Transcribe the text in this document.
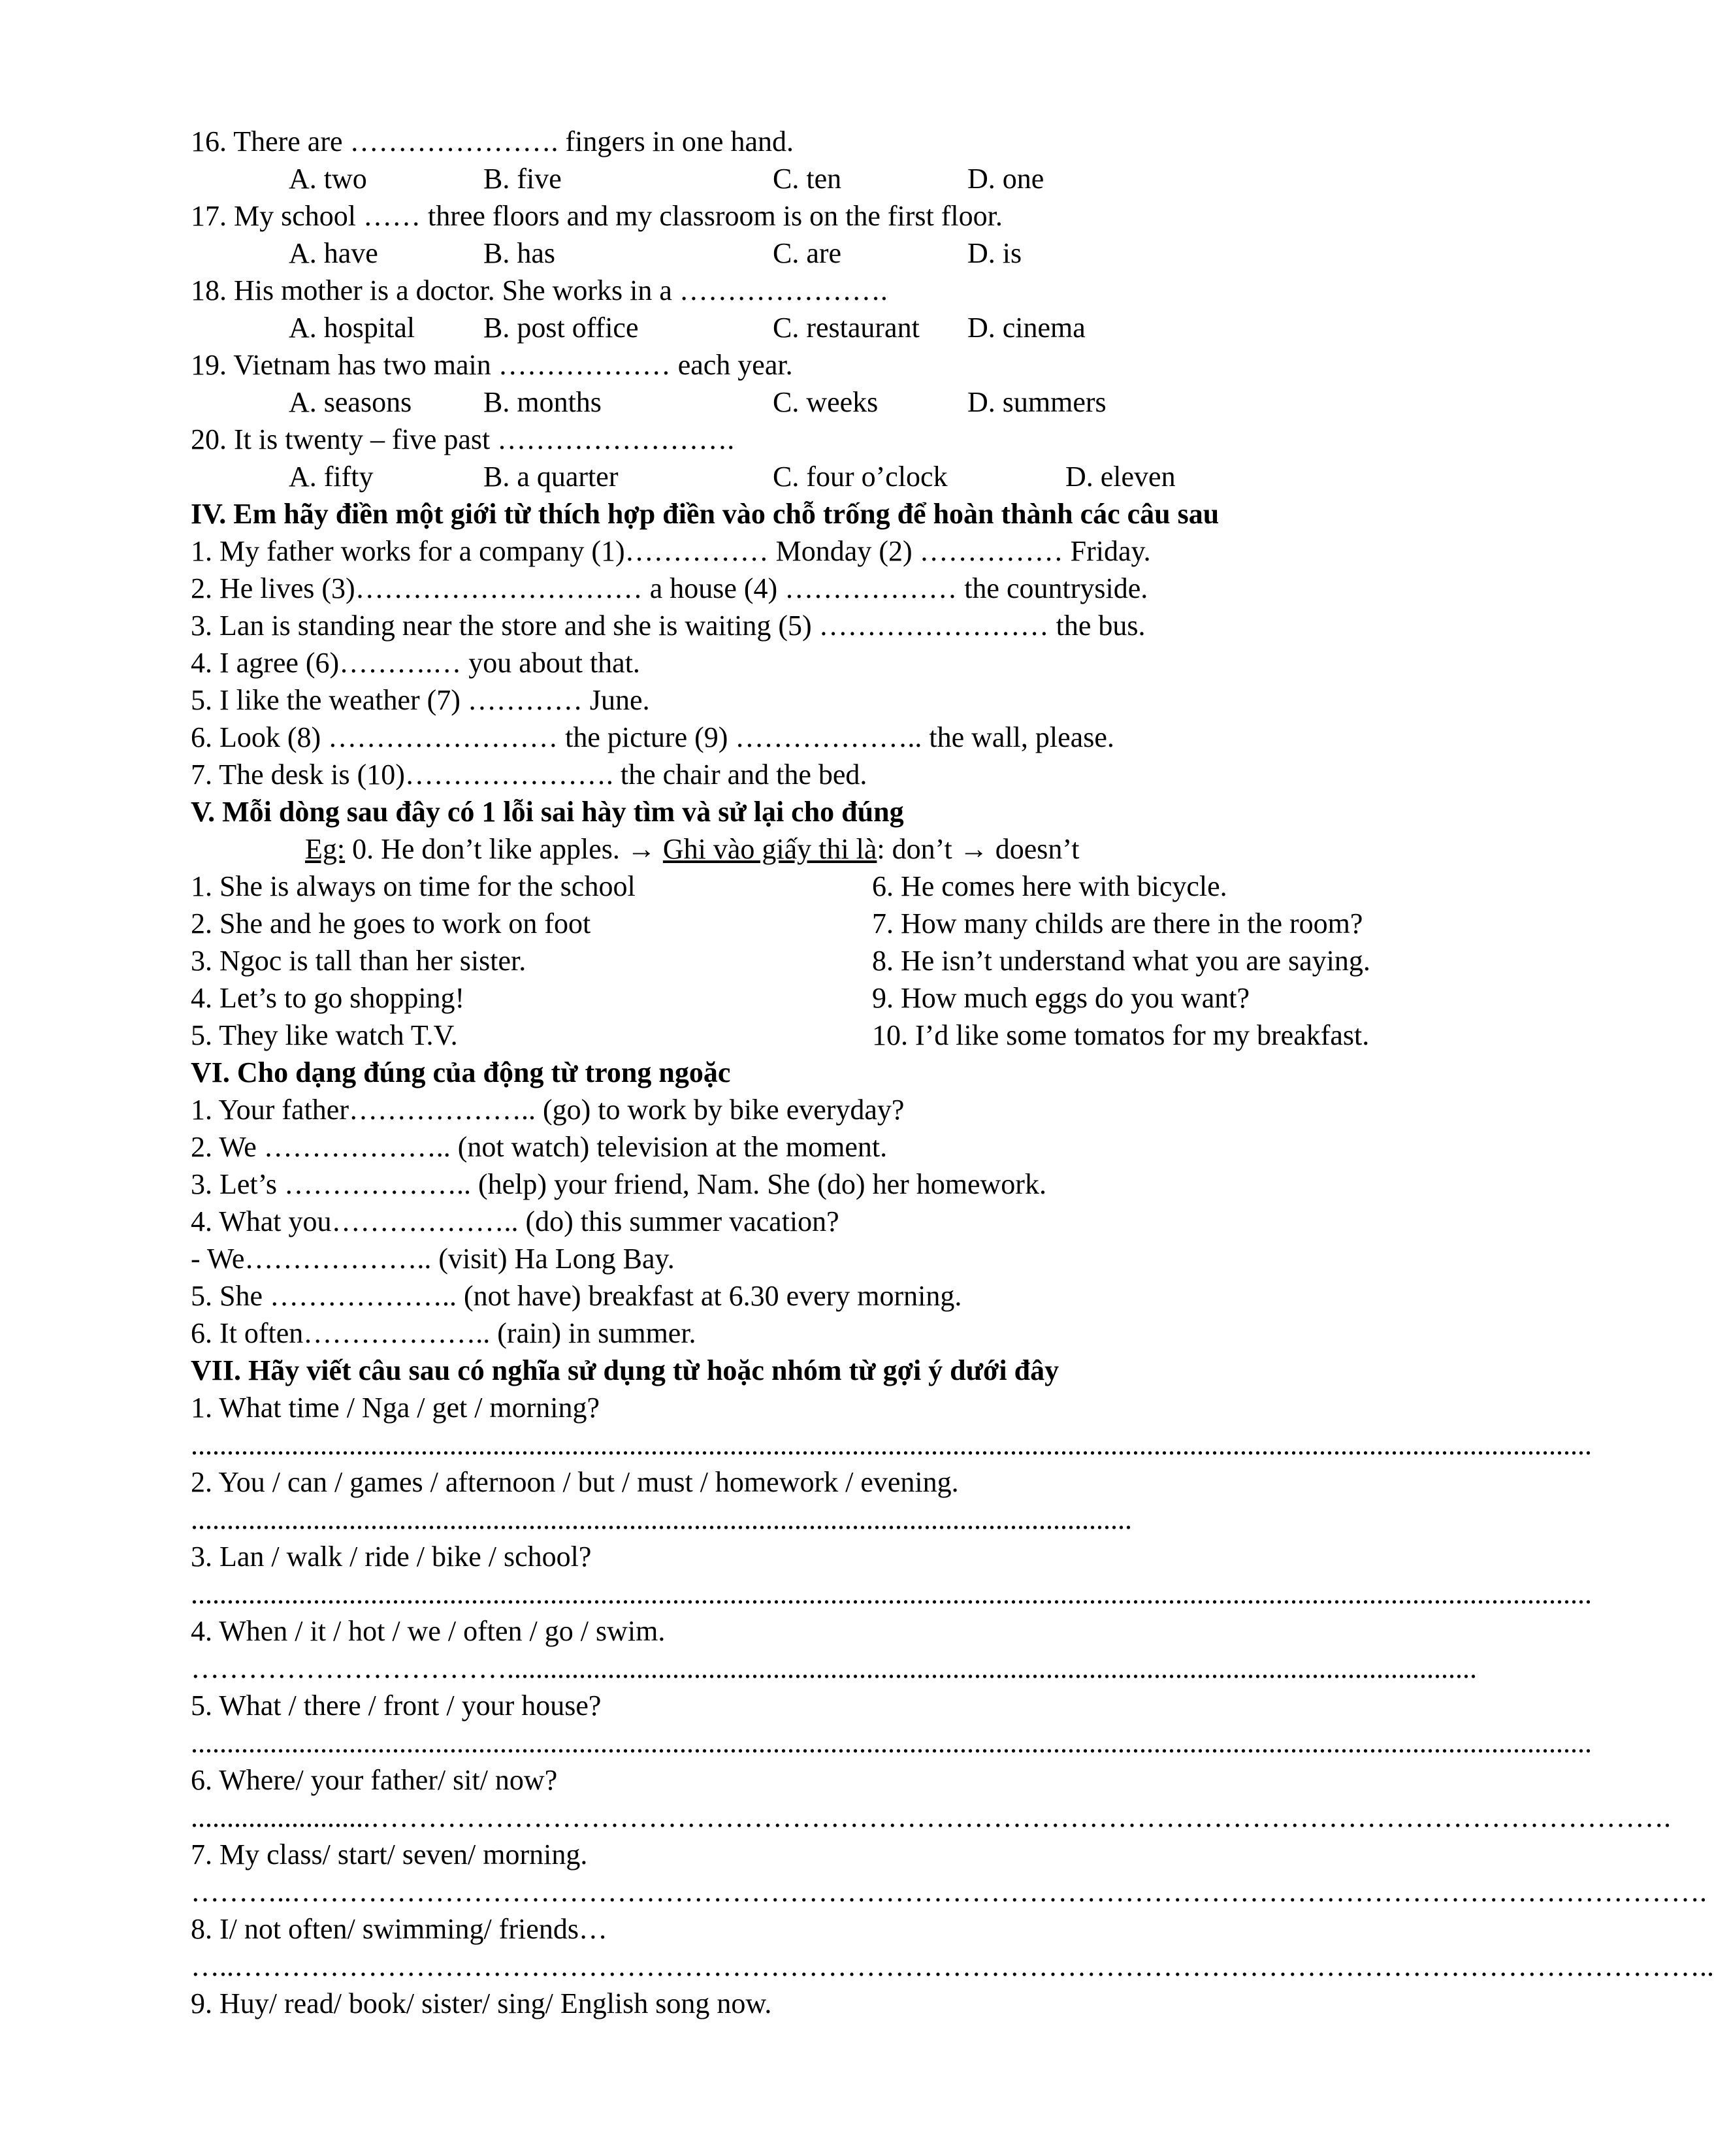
16. There are …………………. fingers in one hand.
A. two	B. five	C. ten	D. one
17. My school …… three floors and my classroom is on the first floor.
A. have	B. has	C. are	D. is
18. His mother is a doctor. She works in a ………………….
A. hospital B. post office	C. restaurant D. cinema
19. Vietnam has two main ……………… each year.
A. seasons B. months	C. weeks	D. summers
20. It is twenty – five past …………………….
A. fifty	B. a quarter	C. four o’clock	D. eleven
IV. Em hãy điền một giới từ thích hợp điền vào chỗ trống để hoàn thành các câu sau
1. My father works for a company (1)…………… Monday (2) …………… Friday.
2. He lives (3)………………………… a house (4) ……………… the countryside.
3. Lan is standing near the store and she is waiting (5) …………………… the bus.
4. I agree (6)……….… you about that.
5. I like the weather (7) ………… June.
6. Look (8) …………………… the picture (9) ……………….. the wall, please.
7. The desk is (10)…………………. the chair and the bed.
V. Mỗi dòng sau đây có 1 lỗi sai hày tìm và sử lại cho đúng
Eg: 0. He don’t like apples. → Ghi vào giấy thi là: don’t → doesn’t
1. She is always on time for the school	6. He comes here with bicycle.
2. She and he goes to work on foot	7. How many childs are there in the room?
3. Ngoc is tall than her sister.	8. He isn’t understand what you are saying.
4. Let’s to go shopping!	9. How much eggs do you want?
5. They like watch T.V.	10. I’d like some tomatos for my breakfast.
VI. Cho dạng đúng của động từ trong ngoặc
1. Your father……………….. (go) to work by bike everyday?
2. We ……………….. (not watch) television at the moment.
3. Let’s ……………….. (help) your friend, Nam. She (do) her homework.
4. What you……………….. (do) this summer vacation?
- We……………….. (visit) Ha Long Bay.
5. She ……………….. (not have) breakfast at 6.30 every morning.
6. It often……………….. (rain) in summer.
VII. Hãy viết câu sau có nghĩa sử dụng từ hoặc nhóm từ gợi ý dưới đây
1. What time / Nga / get / morning?
...................................................................................................................................................................................................
2. You / can / games / afternoon / but / must / homework / evening.
...................................................................................................................................
3. Lan / walk / ride / bike / school?
...................................................................................................................................................................................................
4. When / it / hot / we / often / go / swim.
…………………………….......................................................................................................................................
5. What / there / front / your house?
...................................................................................................................................................................................................
6. Where/ your father/ sit/ now?
.........................……………………………………………………………………………………………………………………….
7. My class/ start/ seven/ morning.
………..………………………………………………………………………………………………………………………………….
8. I/ not often/ swimming/ friends…
…..………………………………………………………………………………………………………………………………………..
9. Huy/ read/ book/ sister/ sing/ English song now.
